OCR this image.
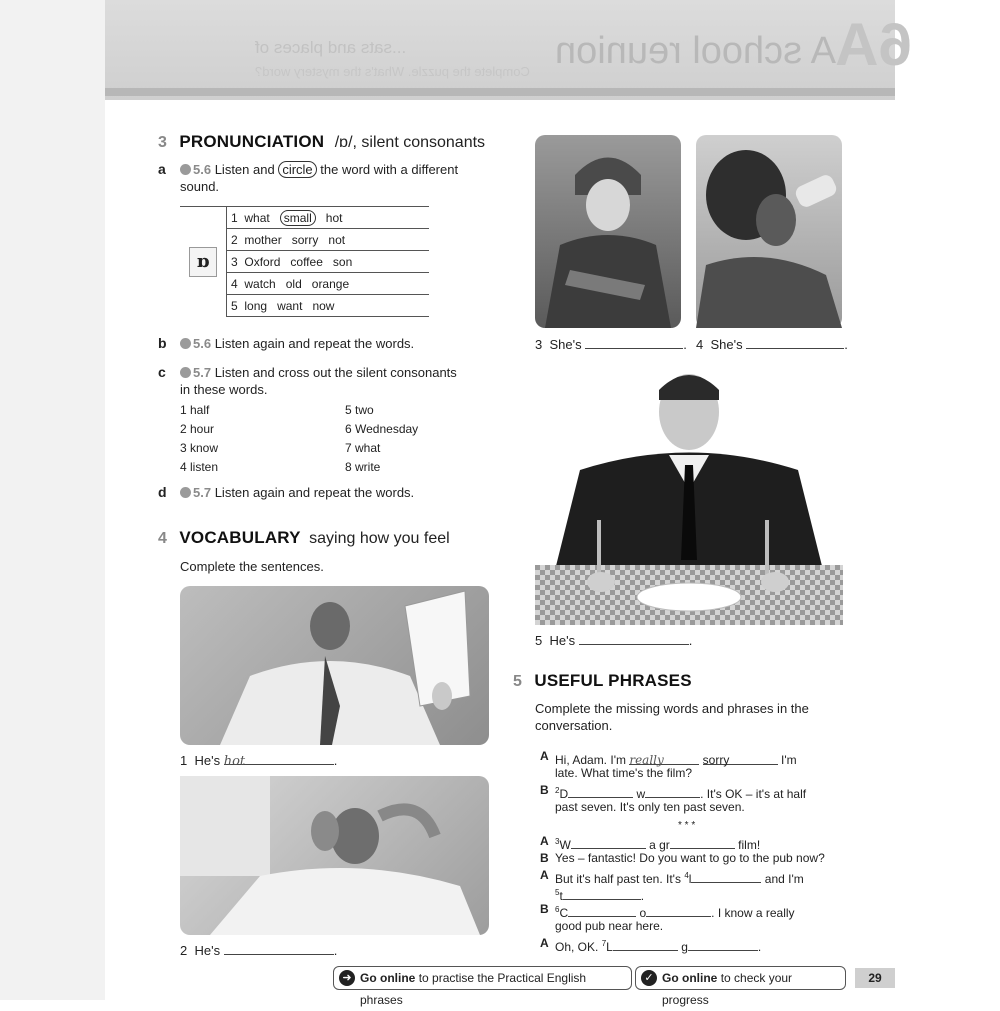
6A
A school reunion
...sats and places of
Complete the puzzle. What's the mystery word?
3 PRONUNCIATION /ɒ/, silent consonants
a	5.6 Listen and circle the word with a different
sound.
ɒ	1 what small hot
2 mother sorry not
3 Oxford coffee son
4 watch old orange
5 long want now
b	5.6 Listen again and repeat the words.
c	5.7 Listen and cross out the silent consonants
in these words.
1 half
2 hour
3 know
4 listen
5 two
6 Wednesday
7 what
8 write
d	5.7 Listen again and repeat the words.
4 VOCABULARY saying how you feel
Complete the sentences.
1 He's hot	.
2 He's	.
3 She's	. 4 She's	.
5 He's	.
5 USEFUL PHRASES
Complete the missing words and phrases in the
conversation.
A Hi, Adam. I'm really	sorry	I'm
late. What time's the film?
B $^2$D	w	. It's OK – it's at half
past seven. It's only ten past seven.
* * *
A $^3$W	a gr	film!
B Yes – fantastic! Do you want to go to the pub now?
A But it's half past ten. It's $^4$l	and I'm
$^5$t	.
B $^6$C	o	. I know a really
good pub near here.
A Oh, OK. $^7$L	g	.
➜ Go online to practise the Practical English phrases
✓ Go online to check your progress
29
